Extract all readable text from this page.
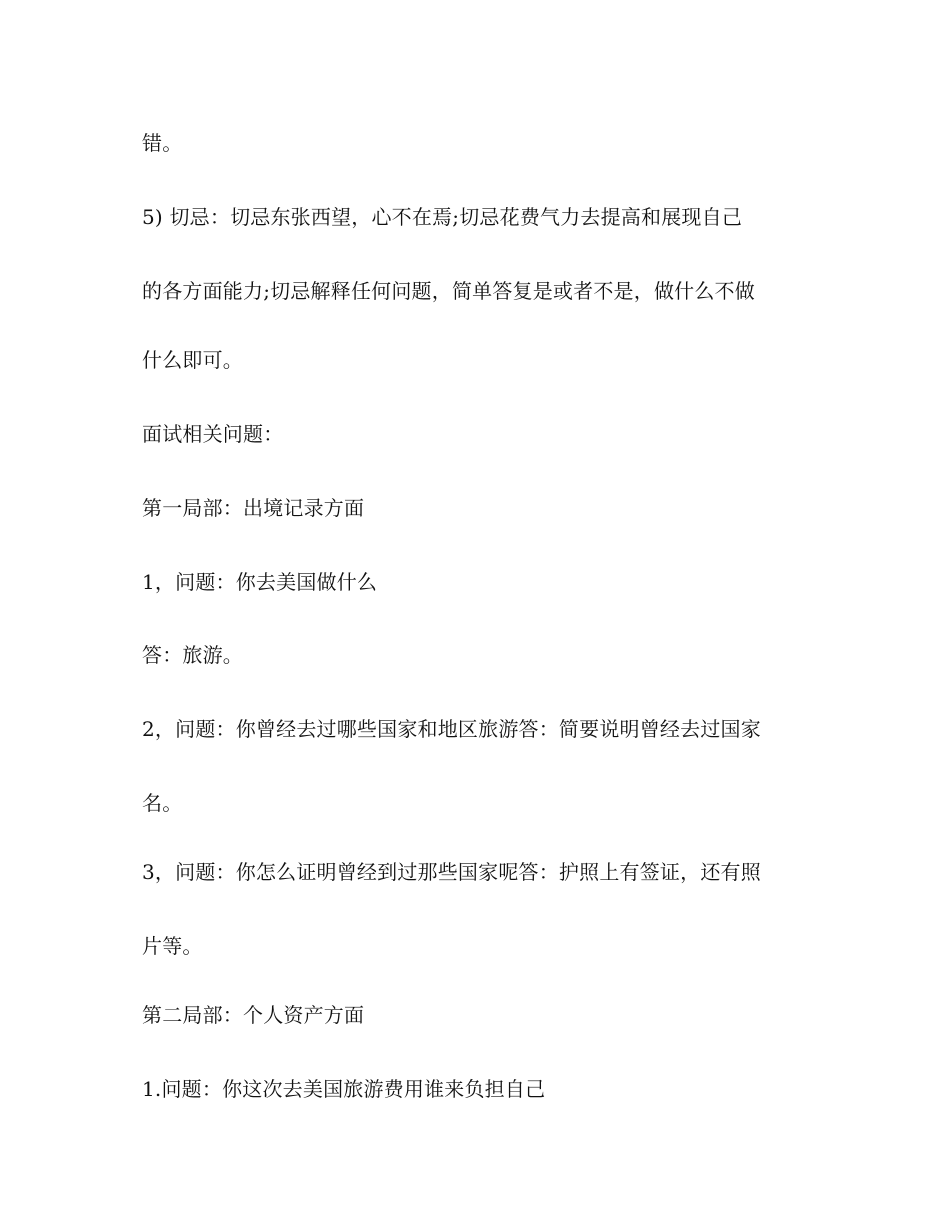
错。
5) 切忌：切忌东张西望，心不在焉;切忌花费气力去提高和展现自己
的各方面能力;切忌解释任何问题，简单答复是或者不是，做什么不做
什么即可。
面试相关问题：
第一局部：出境记录方面
1，问题：你去美国做什么
答：旅游。
2，问题：你曾经去过哪些国家和地区旅游答：简要说明曾经去过国家
名。
3，问题：你怎么证明曾经到过那些国家呢答：护照上有签证，还有照
片等。
第二局部：个人资产方面
1.问题：你这次去美国旅游费用谁来负担自己
